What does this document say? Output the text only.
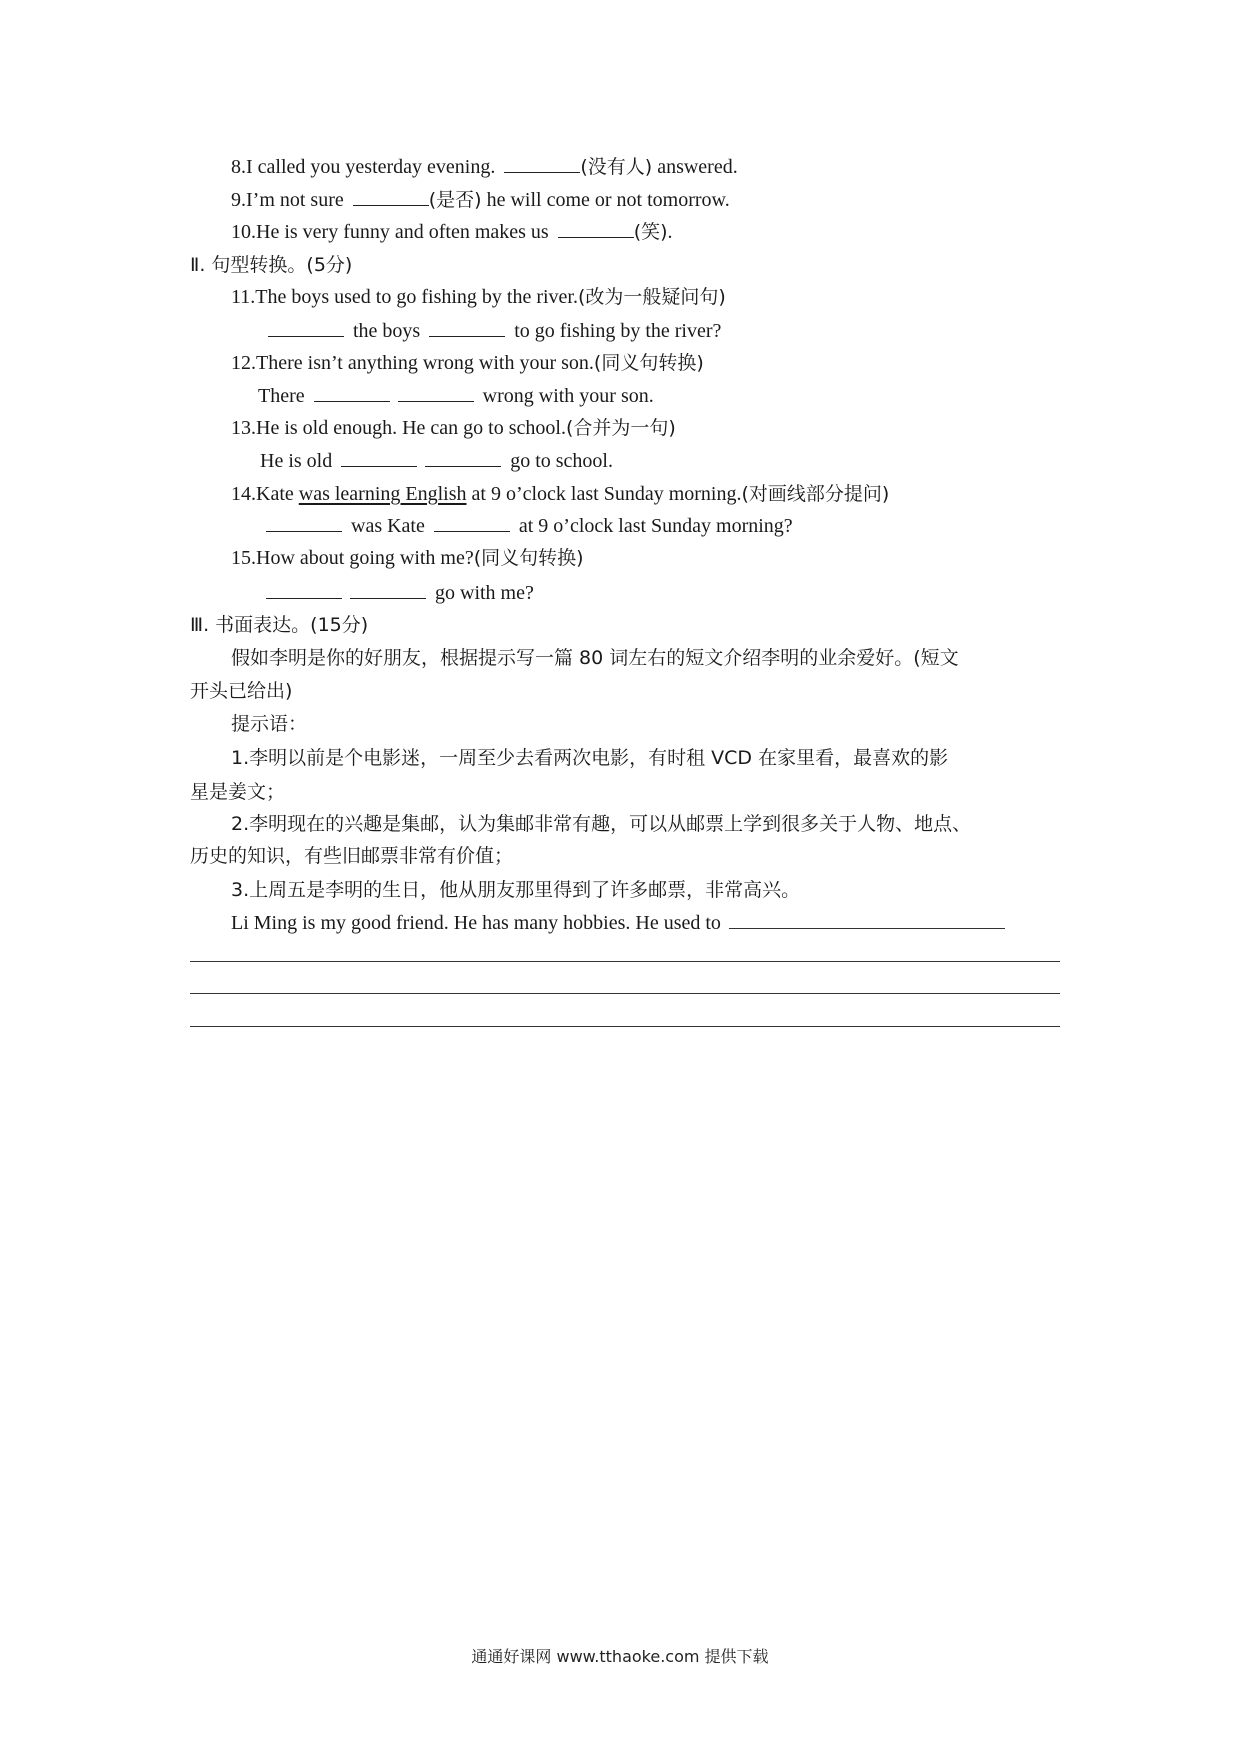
8.I called you yesterday evening.	(没有人) answered.
9.I’m not sure	(是否) he will come or not tomorrow.
10.He is very funny and often makes us	(笑).
Ⅱ. 句型转换。(5分)
11.The boys used to go fishing by the river.(改为一般疑问句)
the boys	to go fishing by the river?
12.There isn’t anything wrong with your son.(同义句转换)
There	wrong with your son.
13.He is old enough. He can go to school.(合并为一句)
He is old	go to school.
14.Kate was learning English at 9 o’clock last Sunday morning.(对画线部分提问)
was Kate	at 9 o’clock last Sunday morning?
15.How about going with me?(同义句转换)
go with me?
Ⅲ. 书面表达。(15分)
假如李明是你的好朋友，根据提示写一篇 80 词左右的短文介绍李明的业余爱好。(短文
开头已给出)
提示语：
1.李明以前是个电影迷，一周至少去看两次电影，有时租 VCD 在家里看，最喜欢的影
星是姜文；
2.李明现在的兴趣是集邮，认为集邮非常有趣，可以从邮票上学到很多关于人物、地点、
历史的知识，有些旧邮票非常有价值；
3.上周五是李明的生日，他从朋友那里得到了许多邮票，非常高兴。
Li Ming is my good friend. He has many hobbies. He used to
通通好课网 www.tthaoke.com 提供下载
